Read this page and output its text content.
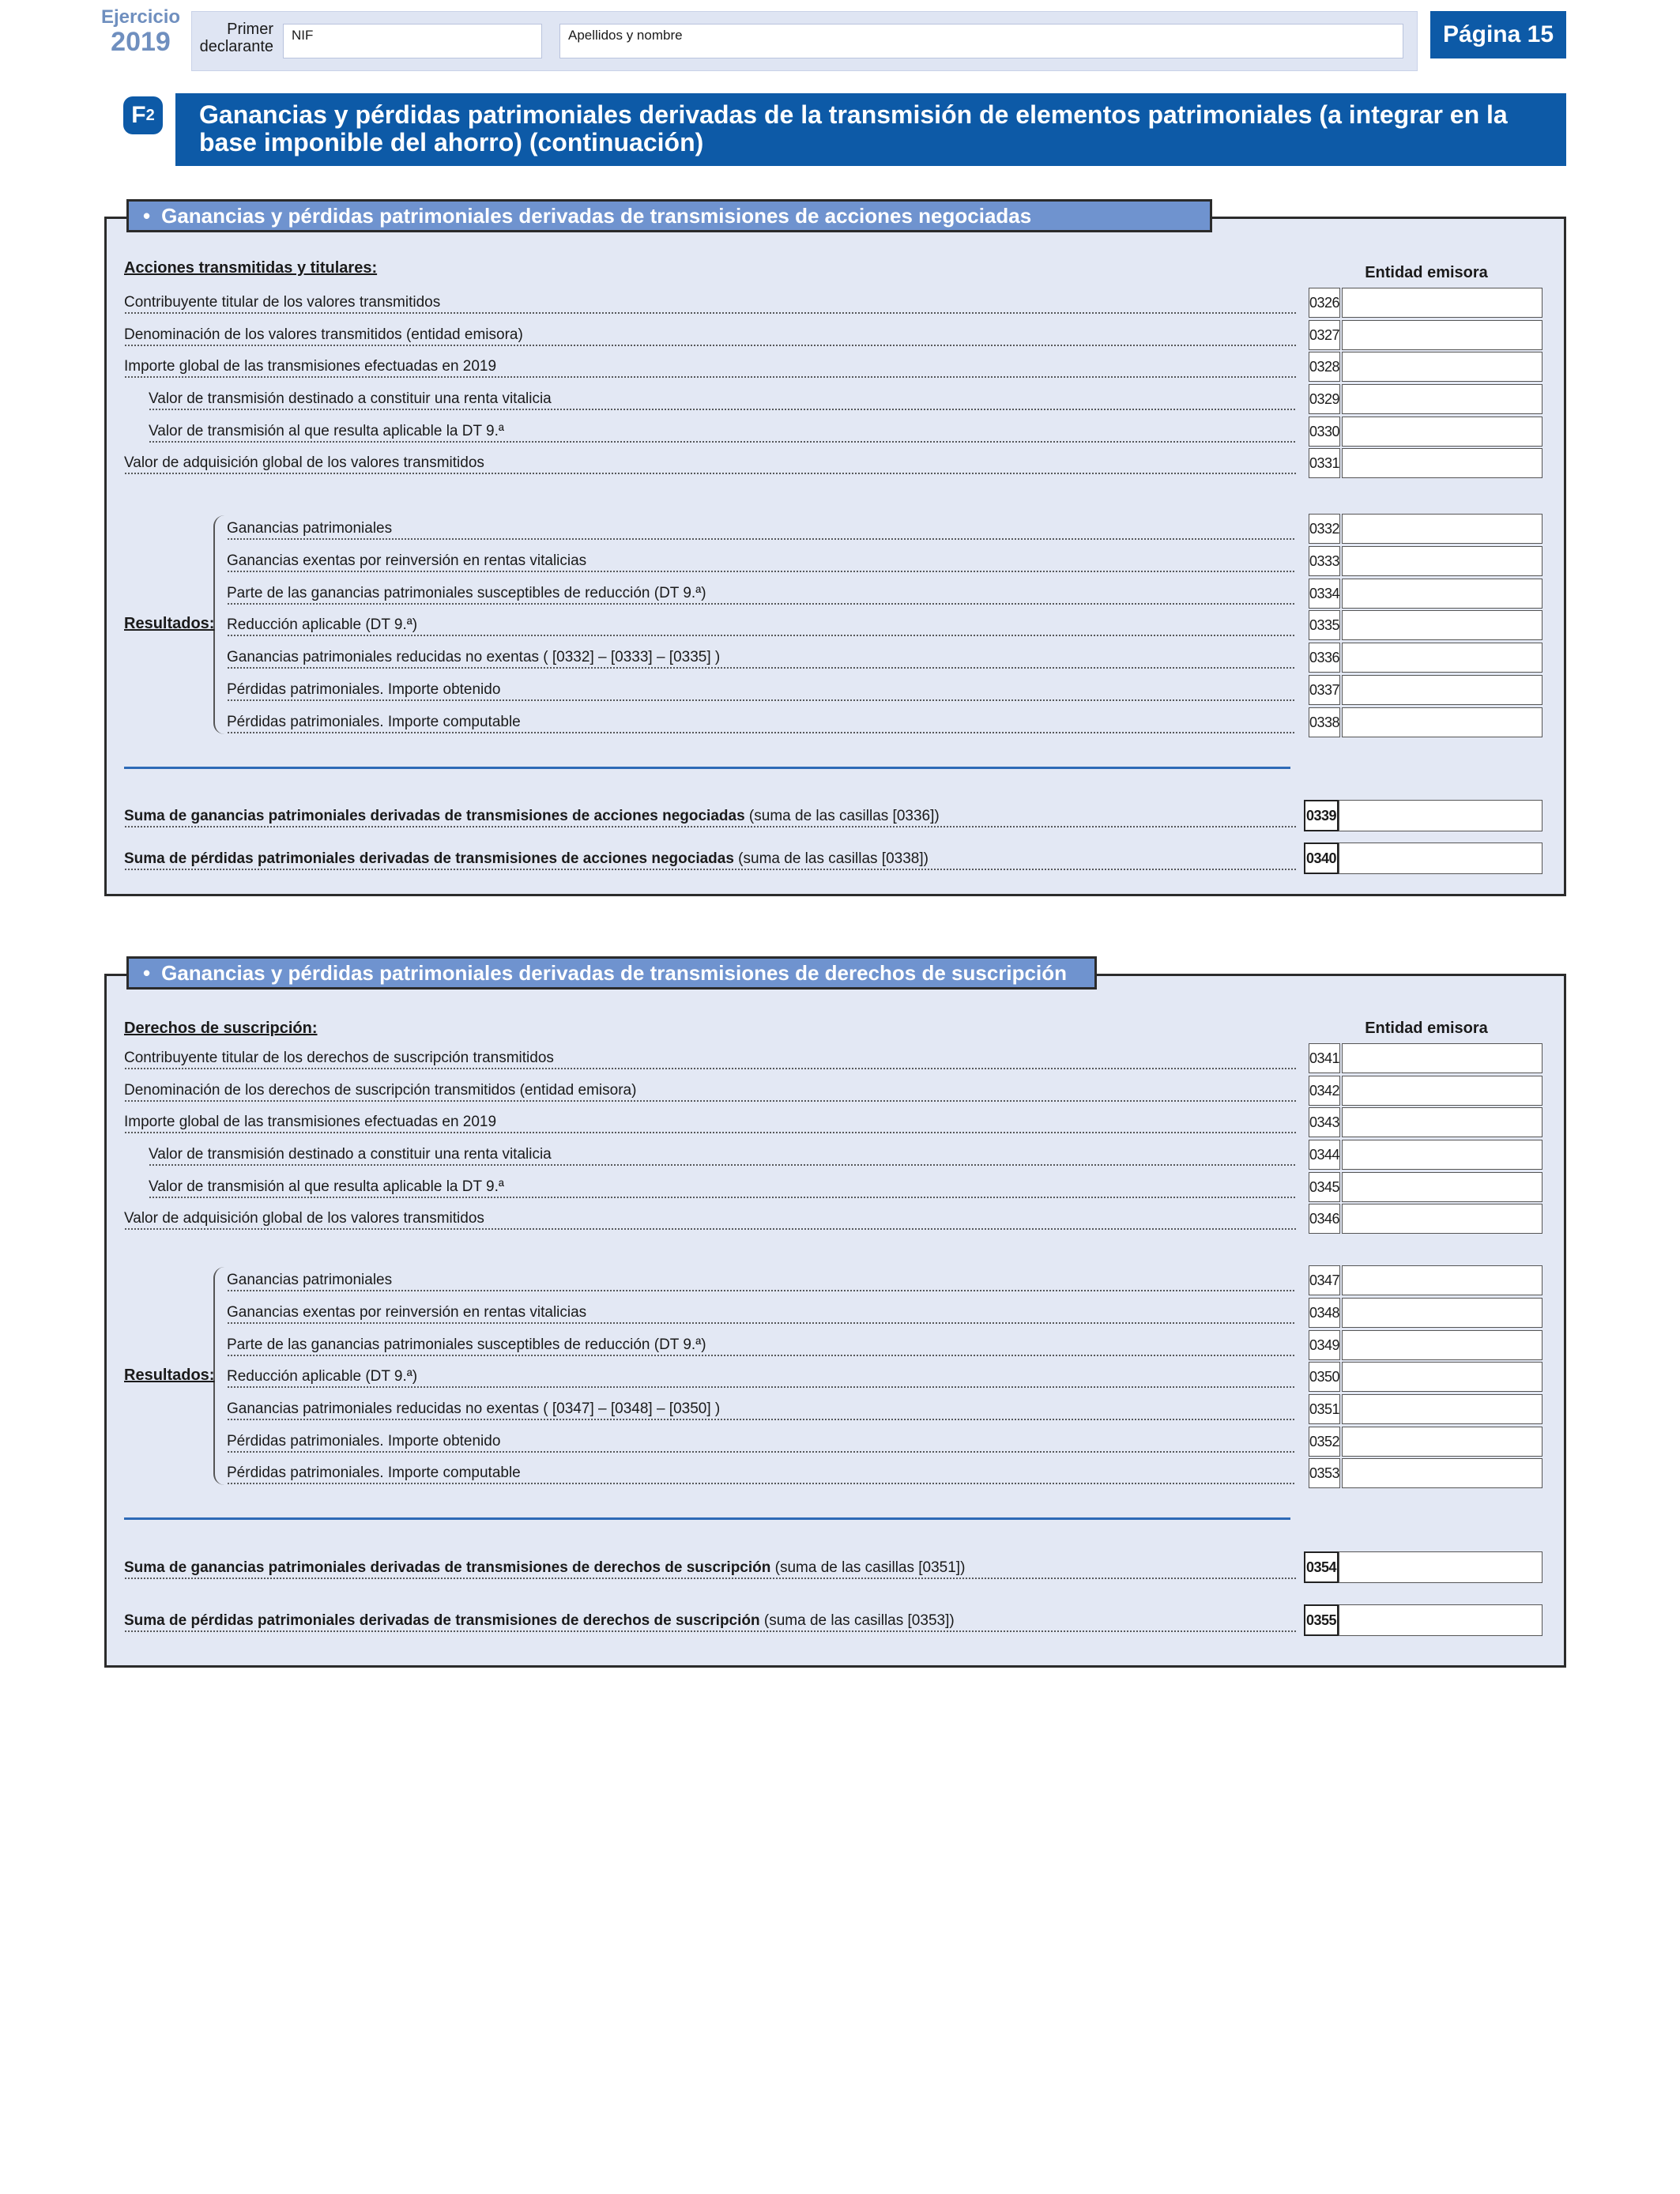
Ejercicio
2019	Primer
declarante
NIF	Apellidos y nombre	Página 15
F 2	Ganancias y pérdidas patrimoniales derivadas de la transmisión de elementos patrimoniales (a integrar en la base imponible del ahorro) (continuación)
• Ganancias y pérdidas patrimoniales derivadas de transmisiones de acciones negociadas
Acciones transmitidas y titulares:	Entidad emisora
Contribuyente titular de los valores transmitidos	0326
Denominación de los valores transmitidos (entidad emisora)	0327
Importe global de las transmisiones efectuadas en 2019	0328
Valor de transmisión destinado a constituir una renta vitalicia	0329
Valor de transmisión al que resulta aplicable la DT 9.ª	0330
Valor de adquisición global de los valores transmitidos	0331
Resultados:
Ganancias patrimoniales	0332
Ganancias exentas por reinversión en rentas vitalicias	0333
Parte de las ganancias patrimoniales susceptibles de reducción (DT 9.ª)	0334
Reducción aplicable (DT 9.ª)	0335
Ganancias patrimoniales reducidas no exentas ( [0332] – [0333] – [0335] )	0336
Pérdidas patrimoniales. Importe obtenido	0337
Pérdidas patrimoniales. Importe computable	0338
Suma de ganancias patrimoniales derivadas de transmisiones de acciones negociadas (suma de las casillas [0336])	0339
Suma de pérdidas patrimoniales derivadas de transmisiones de acciones negociadas (suma de las casillas [0338])	0340
• Ganancias y pérdidas patrimoniales derivadas de transmisiones de derechos de suscripción
Derechos de suscripción:	Entidad emisora
Contribuyente titular de los derechos de suscripción transmitidos	0341
Denominación de los derechos de suscripción transmitidos (entidad emisora)	0342
Importe global de las transmisiones efectuadas en 2019	0343
Valor de transmisión destinado a constituir una renta vitalicia	0344
Valor de transmisión al que resulta aplicable la DT 9.ª	0345
Valor de adquisición global de los valores transmitidos	0346
Resultados:
Ganancias patrimoniales	0347
Ganancias exentas por reinversión en rentas vitalicias	0348
Parte de las ganancias patrimoniales susceptibles de reducción (DT 9.ª)	0349
Reducción aplicable (DT 9.ª)	0350
Ganancias patrimoniales reducidas no exentas ( [0347] – [0348] – [0350] )	0351
Pérdidas patrimoniales. Importe obtenido	0352
Pérdidas patrimoniales. Importe computable	0353
Suma de ganancias patrimoniales derivadas de transmisiones de derechos de suscripción (suma de las casillas [0351])	0354
Suma de pérdidas patrimoniales derivadas de transmisiones de derechos de suscripción (suma de las casillas [0353])	0355
